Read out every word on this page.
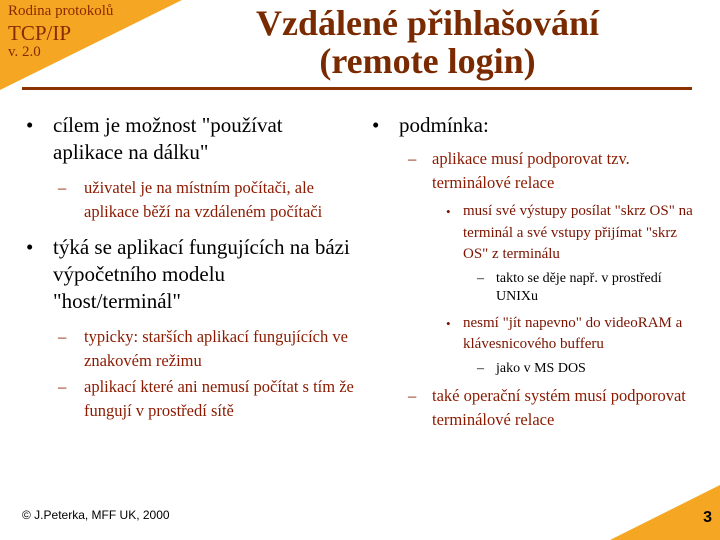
Rodina protokolů
TCP/IP
v. 2.0
Vzdálené přihlašování
(remote login)
• cílem je možnost "používat aplikace na dálku"
– uživatel je na místním počítači, ale aplikace běží na vzdáleném počítači
• týká se aplikací fungujících na bázi výpočetního modelu "host/terminál"
– typicky: starších aplikací fungujících ve znakovém režimu
– aplikací které ani nemusí počítat s tím že fungují v prostředí sítě
• podmínka:
– aplikace musí podporovat tzv. terminálové relace
• musí své výstupy posílat "skrz OS" na terminál a své vstupy přijímat "skrz OS" z terminálu
– takto se děje např. v prostředí UNIXu
• nesmí "jít napevno" do videoRAM a klávesnicového bufferu
– jako v MS DOS
– také operační systém musí podporovat terminálové relace
© J.Peterka, MFF UK, 2000	3
